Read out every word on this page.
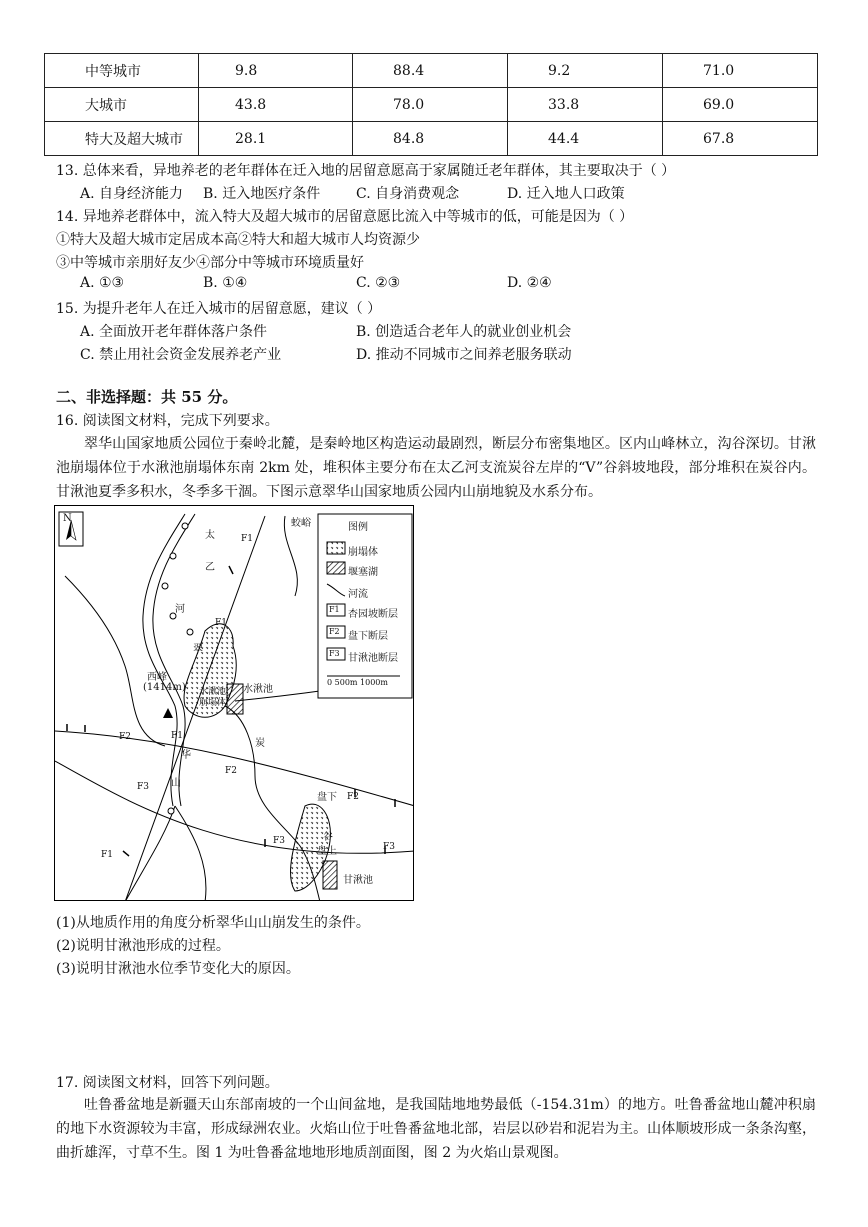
中等城市	9.8	88.4	9.2	71.0
大城市	43.8	78.0	33.8	69.0
特大及超大城市	28.1	84.8	44.4	67.8
13. 总体来看，异地养老的老年群体在迁入地的居留意愿高于家属随迁老年群体，其主要取决于（ ）
A. 自身经济能力 B. 迁入地医疗条件	C. 自身消费观念	D. 迁入地人口政策
14. 异地养老群体中，流入特大及超大城市的居留意愿比流入中等城市的低，可能是因为（ ）
①特大及超大城市定居成本高②特大和超大城市人均资源少
③中等城市亲朋好友少④部分中等城市环境质量好
A. ①③	B. ①④	C. ②③	D. ②④
15. 为提升老年人在迁入城市的居留意愿，建议（ ）
A. 全面放开老年群体落户条件	B. 创造适合老年人的就业创业机会
C. 禁止用社会资金发展养老产业	D. 推动不同城市之间养老服务联动
二、非选择题：共 55 分。
16. 阅读图文材料，完成下列要求。
翠华山国家地质公园位于秦岭北麓，是秦岭地区构造运动最剧烈，断层分布密集地区。区内山峰林立，沟谷深切。甘湫池崩塌体位于水湫池崩塌体东南 2km 处，堆积体主要分布在太乙河支流炭谷左岸的“V”谷斜坡地段，部分堆积在炭谷内。甘湫池夏季多积水，冬季多干涸。下图示意翠华山国家地质公园内山崩地貌及水系分布。
N
图例
崩塌体
堰塞湖
河流
杏园坡断层
盘下断层
甘湫池断层
F1
F2
F3
0 500m 1000m
蛟峪
太
乙
河
翠
华
山
西峰
(1414m)	水湫池
水湫池
崩塌体
炭
谷
盘下
盘上
甘湫池
F1
F1
F1
F1
F2
F2
F2
F3
F3
F3
(1)从地质作用的角度分析翠华山山崩发生的条件。
(2)说明甘湫池形成的过程。
(3)说明甘湫池水位季节变化大的原因。
17. 阅读图文材料，回答下列问题。
吐鲁番盆地是新疆天山东部南坡的一个山间盆地，是我国陆地地势最低（-154.31m）的地方。吐鲁番盆地山麓冲积扇的地下水资源较为丰富，形成绿洲农业。火焰山位于吐鲁番盆地北部，岩层以砂岩和泥岩为主。山体顺坡形成一条条沟壑，曲折雄浑，寸草不生。图 1 为吐鲁番盆地地形地质剖面图，图 2 为火焰山景观图。
